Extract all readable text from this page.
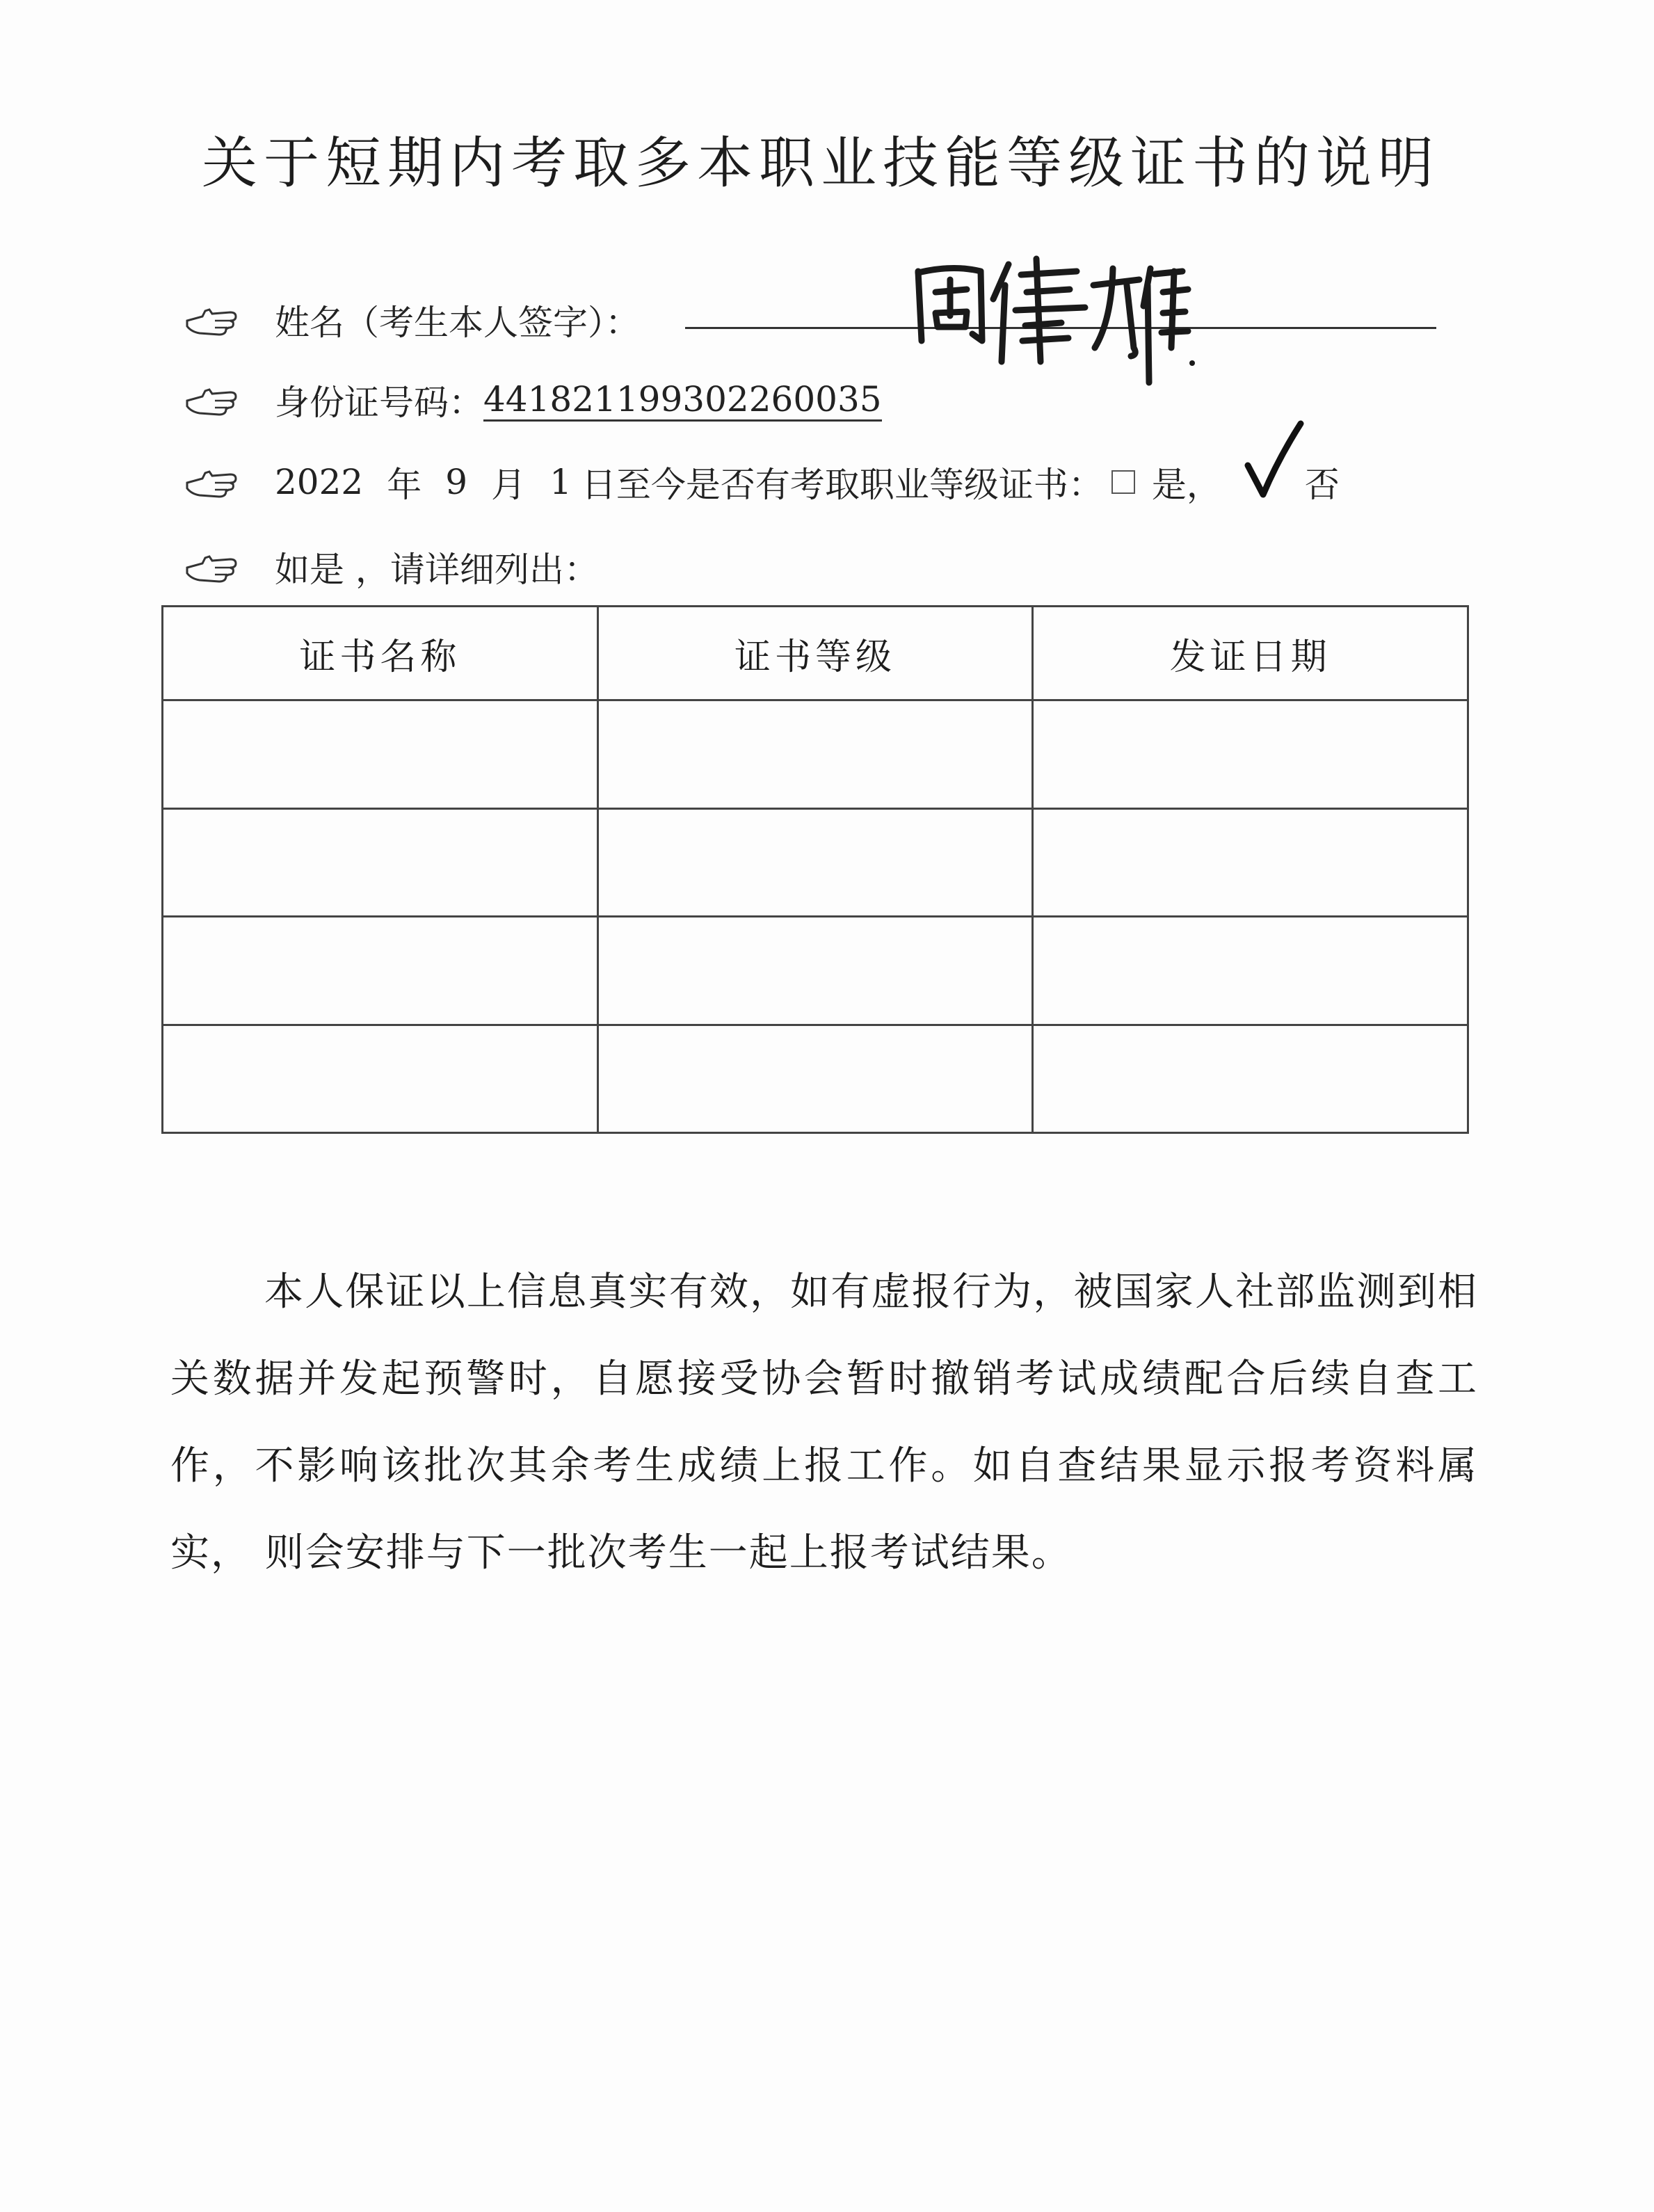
关于短期内考取多本职业技能等级证书的说明
姓名（考生本人签字）：
身份证号码： 441821199302260035
2022 年 9 月 1 日至今是否有考取职业等级证书： 是， 否
如是 ，请详细列出：
证书名称	证书等级	发证日期

本人保证以上信息真实有效，如有虚报行为，被国家人社部监测到相关数据并发起预警时，自愿接受协会暂时撤销考试成绩配合后续自查工作，不影响该批次其余考生成绩上报工作。如自查结果显示报考资料属实， 则会安排与下一批次考生一起上报考试结果。
